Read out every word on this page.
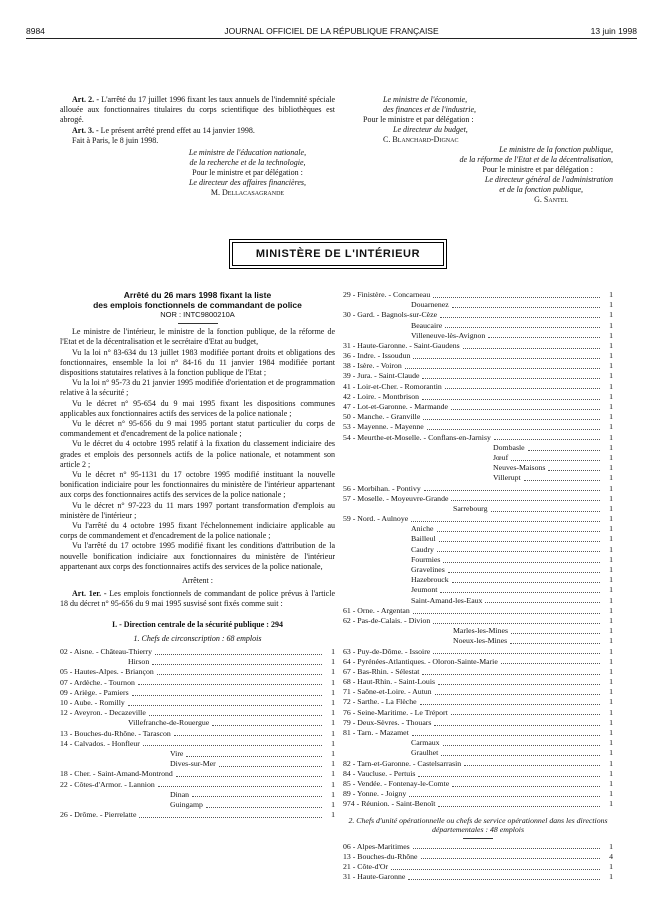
8984	JOURNAL OFFICIEL DE LA RÉPUBLIQUE FRANÇAISE	13 juin 1998

Art. 2. - L'arrêté du 17 juillet 1996 fixant les taux annuels de l'indemnité spéciale allouée aux fonctionnaires titulaires du corps scientifique des bibliothèques est abrogé.

Art. 3. - Le présent arrêté prend effet au 14 janvier 1998.

Fait à Paris, le 8 juin 1998.

Le ministre de l'éducation nationale,

de la recherche et de la technologie,

Pour le ministre et par délégation :

Le directeur des affaires financières,

M. Dellacasagrande

Le ministre de l'économie,

des finances et de l'industrie,

Pour le ministre et par délégation :

Le directeur du budget,

C. Blanchard-Dignac

Le ministre de la fonction publique,

de la réforme de l'Etat et de la décentralisation,

Pour le ministre et par délégation :

Le directeur général de l'administration

et de la fonction publique,

G. Santel

MINISTÈRE DE L'INTÉRIEUR

Arrêté du 26 mars 1998 fixant la liste

des emplois fonctionnels de commandant de police

NOR : INTC9800210A

Le ministre de l'intérieur, le ministre de la fonction publique, de la réforme de l'Etat et de la décentralisation et le secrétaire d'Etat au budget,

Vu la loi n° 83-634 du 13 juillet 1983 modifiée portant droits et obligations des fonctionnaires, ensemble la loi n° 84-16 du 11 janvier 1984 modifiée portant dispositions statutaires relatives à la fonction publique de l'Etat ;

Vu la loi n° 95-73 du 21 janvier 1995 modifiée d'orientation et de programmation relative à la sécurité ;

Vu le décret n° 95-654 du 9 mai 1995 fixant les dispositions communes applicables aux fonctionnaires actifs des services de la police nationale ;

Vu le décret n° 95-656 du 9 mai 1995 portant statut particulier du corps de commandement et d'encadrement de la police nationale ;

Vu le décret du 4 octobre 1995 relatif à la fixation du classement indiciaire des grades et emplois des personnels actifs de la police nationale, et notamment son article 2 ;

Vu le décret n° 95-1131 du 17 octobre 1995 modifié instituant la nouvelle bonification indiciaire pour les fonctionnaires du ministère de l'intérieur appartenant aux corps des fonctionnaires actifs des services de la police nationale ;

Vu le décret n° 97-223 du 11 mars 1997 portant transformation d'emplois au ministère de l'intérieur ;

Vu l'arrêté du 4 octobre 1995 fixant l'échelonnement indiciaire applicable au corps de commandement et d'encadrement de la police nationale ;

Vu l'arrêté du 17 octobre 1995 modifié fixant les conditions d'attribution de la nouvelle bonification indiciaire aux fonctionnaires du ministère de l'intérieur appartenant aux corps des fonctionnaires actifs des services de la police nationale,

Arrêtent :

Art. 1er. - Les emplois fonctionnels de commandant de police prévus à l'article 18 du décret n° 95-656 du 9 mai 1995 susvisé sont fixés comme suit :

I. - Direction centrale de la sécurité publique : 294

1. Chefs de circonscription : 68 emplois

02 - Aisne. - Château-Thierry	1
Hirson	1
05 - Hautes-Alpes. - Briançon	1
07 - Ardèche. - Tournon	1
09 - Ariège. - Pamiers	1
10 - Aube. - Romilly	1
12 - Aveyron. - Decazeville	1
Villefranche-de-Rouergue	1
13 - Bouches-du-Rhône. - Tarascon	1
14 - Calvados. - Honfleur	1
Vire	1
Dives-sur-Mer	1
18 - Cher. - Saint-Amand-Montrond	1
22 - Côtes-d'Armor. - Lannion	1
Dinan	1
Guingamp	1
26 - Drôme. - Pierrelatte	1
29 - Finistère. - Concarneau	1
Douarnenez	1
30 - Gard. - Bagnols-sur-Cèze	1
Beaucaire	1
Villeneuve-lès-Avignon	1
31 - Haute-Garonne. - Saint-Gaudens	1
36 - Indre. - Issoudun	1
38 - Isère. - Voiron	1
39 - Jura. - Saint-Claude	1
41 - Loir-et-Cher. - Romorantin	1
42 - Loire. - Montbrison	1
47 - Lot-et-Garonne. - Marmande	1
50 - Manche. - Granville	1
53 - Mayenne. - Mayenne	1
54 - Meurthe-et-Moselle. - Conflans-en-Jarnisy	1
Dombasle	1
Jœuf	1
Neuves-Maisons	1
Villerupt	1
56 - Morbihan. - Pontivy	1
57 - Moselle. - Moyeuvre-Grande	1
Sarrebourg	1
59 - Nord. - Aulnoye	1
Aniche	1
Bailleul	1
Caudry	1
Fourmies	1
Gravelines	1
Hazebrouck	1
Jeumont	1
Saint-Amand-les-Eaux	1
61 - Orne. - Argentan	1
62 - Pas-de-Calais. - Divion	1
Marles-les-Mines	1
Noeux-les-Mines	1
63 - Puy-de-Dôme. - Issoire	1
64 - Pyrénées-Atlantiques. - Oloron-Sainte-Marie	1
67 - Bas-Rhin. - Sélestat	1
68 - Haut-Rhin. - Saint-Louis	1
71 - Saône-et-Loire. - Autun	1
72 - Sarthe. - La Flèche	1
76 - Seine-Maritime. - Le Tréport	1
79 - Deux-Sèvres. - Thouars	1
81 - Tarn. - Mazamet	1
Carmaux	1
Graulhet	1
82 - Tarn-et-Garonne. - Castelsarrasin	1
84 - Vaucluse. - Pertuis	1
85 - Vendée. - Fontenay-le-Comte	1
89 - Yonne. - Joigny	1
974 - Réunion. - Saint-Benoît	1

2. Chefs d'unité opérationnelle ou chefs de service opérationnel dans les directions départementales : 48 emplois

06 - Alpes-Maritimes	1
13 - Bouches-du-Rhône	4
21 - Côte-d'Or	1
31 - Haute-Garonne	1
